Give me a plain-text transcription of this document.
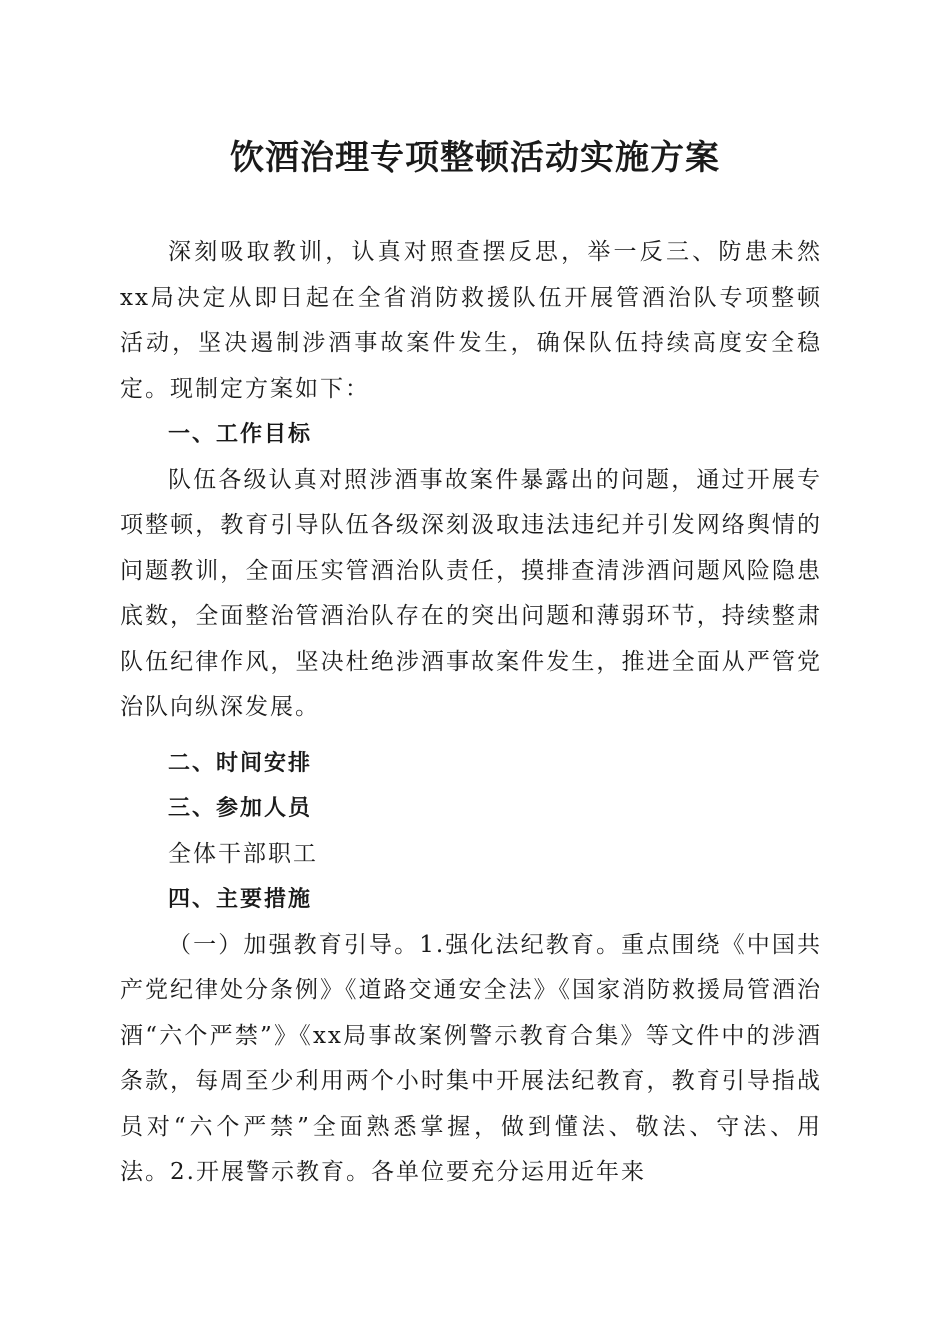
饮酒治理专项整顿活动实施方案

深刻吸取教训，认真对照查摆反思，举一反三、防患未然xx局决定从即日起在全省消防救援队伍开展管酒治队专项整顿活动，坚决遏制涉酒事故案件发生，确保队伍持续高度安全稳定。现制定方案如下：

一、工作目标

队伍各级认真对照涉酒事故案件暴露出的问题，通过开展专项整顿，教育引导队伍各级深刻汲取违法违纪并引发网络舆情的问题教训，全面压实管酒治队责任，摸排查清涉酒问题风险隐患底数，全面整治管酒治队存在的突出问题和薄弱环节，持续整肃队伍纪律作风，坚决杜绝涉酒事故案件发生，推进全面从严管党治队向纵深发展。

二、时间安排

三、参加人员

全体干部职工

四、主要措施

（一）加强教育引导。1.强化法纪教育。重点围绕《中国共产党纪律处分条例》《道路交通安全法》《国家消防救援局管酒治酒“六个严禁”》《xx局事故案例警示教育合集》等文件中的涉酒条款，每周至少利用两个小时集中开展法纪教育，教育引导指战员对“六个严禁”全面熟悉掌握，做到懂法、敬法、守法、用法。2.开展警示教育。各单位要充分运用近年来
